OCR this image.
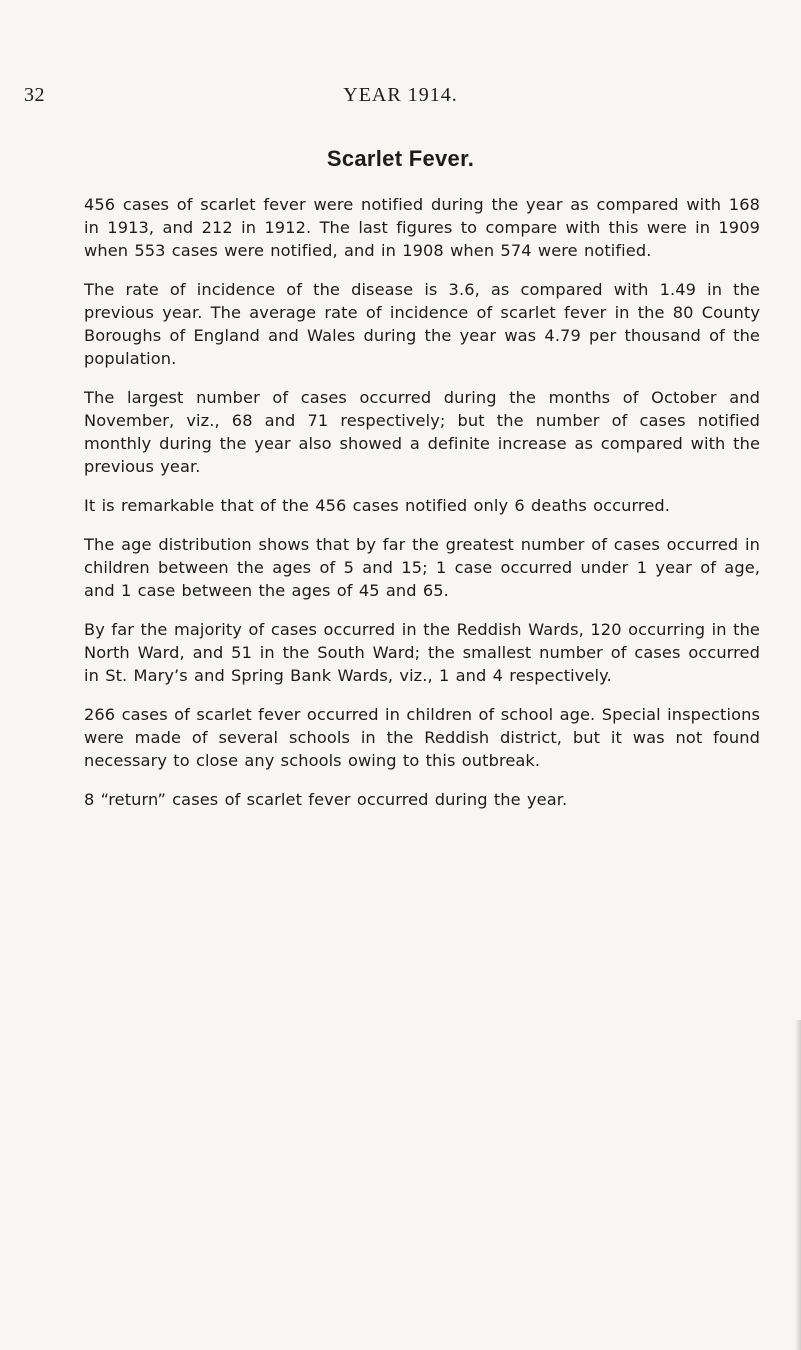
32	YEAR 1914.
Scarlet Fever.

456 cases of scarlet fever were notified during the year as compared with 168 in 1913, and 212 in 1912. The last figures to compare with this were in 1909 when 553 cases were notified, and in 1908 when 574 were notified.

The rate of incidence of the disease is 3.6, as compared with 1.49 in the previous year. The average rate of incidence of scarlet fever in the 80 County Boroughs of England and Wales during the year was 4.79 per thousand of the population.

The largest number of cases occurred during the months of October and November, viz., 68 and 71 respectively; but the number of cases notified monthly during the year also showed a definite increase as compared with the previous year.

It is remarkable that of the 456 cases notified only 6 deaths occurred.

The age distribution shows that by far the greatest number of cases occurred in children between the ages of 5 and 15; 1 case occurred under 1 year of age, and 1 case between the ages of 45 and 65.

By far the majority of cases occurred in the Reddish Wards, 120 occurring in the North Ward, and 51 in the South Ward; the smallest number of cases occurred in St. Mary’s and Spring Bank Wards, viz., 1 and 4 respectively.

266 cases of scarlet fever occurred in children of school age. Special inspections were made of several schools in the Reddish district, but it was not found necessary to close any schools owing to this outbreak.

8 “return” cases of scarlet fever occurred during the year.
